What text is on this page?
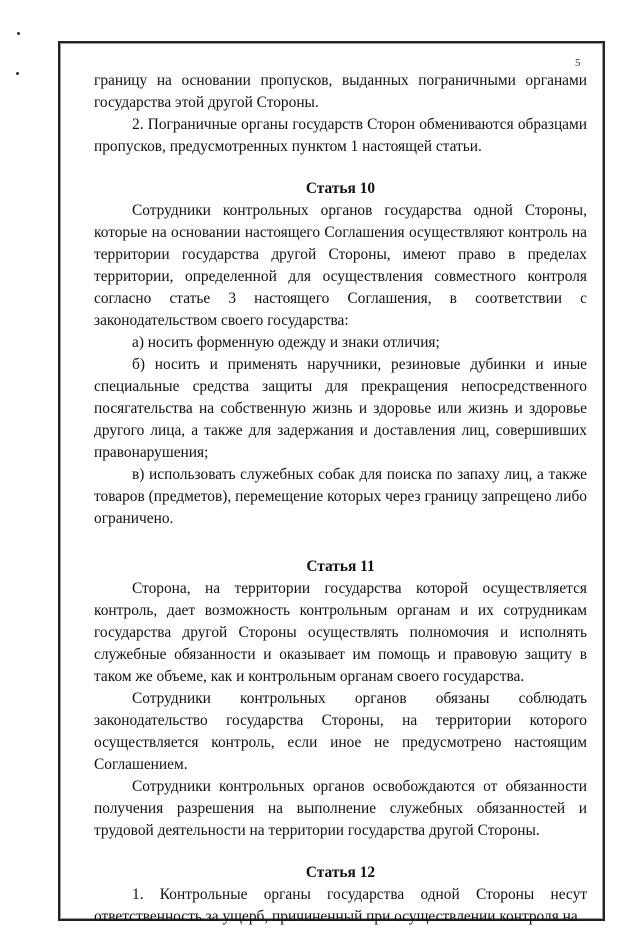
5

границу на основании пропусков, выданных пограничными органами государства этой другой Стороны.

2. Пограничные органы государств Сторон обмениваются образцами пропусков, предусмотренных пунктом 1 настоящей статьи.

Статья 10

Сотрудники контрольных органов государства одной Стороны, которые на основании настоящего Соглашения осуществляют контроль на территории государства другой Стороны, имеют право в пределах территории, определенной для осуществления совместного контроля согласно статье 3 настоящего Соглашения, в соответствии с законодательством своего государства:

а) носить форменную одежду и знаки отличия;

б) носить и применять наручники, резиновые дубинки и иные специальные средства защиты для прекращения непосредственного посягательства на собственную жизнь и здоровье или жизнь и здоровье другого лица, а также для задержания и доставления лиц, совершивших правонарушения;

в) использовать служебных собак для поиска по запаху лиц, а также товаров (предметов), перемещение которых через границу запрещено либо ограничено.

Статья 11

Сторона, на территории государства которой осуществляется контроль, дает возможность контрольным органам и их сотрудникам государства другой Стороны осуществлять полномочия и исполнять служебные обязанности и оказывает им помощь и правовую защиту в таком же объеме, как и контрольным органам своего государства.

Сотрудники контрольных органов обязаны соблюдать законодательство государства Стороны, на территории которого осуществляется контроль, если иное не предусмотрено настоящим Соглашением.

Сотрудники контрольных органов освобождаются от обязанности получения разрешения на выполнение служебных обязанностей и трудовой деятельности на территории государства другой Стороны.

Статья 12

1. Контрольные органы государства одной Стороны несут ответственность за ущерб, причиненный при осуществлении контроля на
